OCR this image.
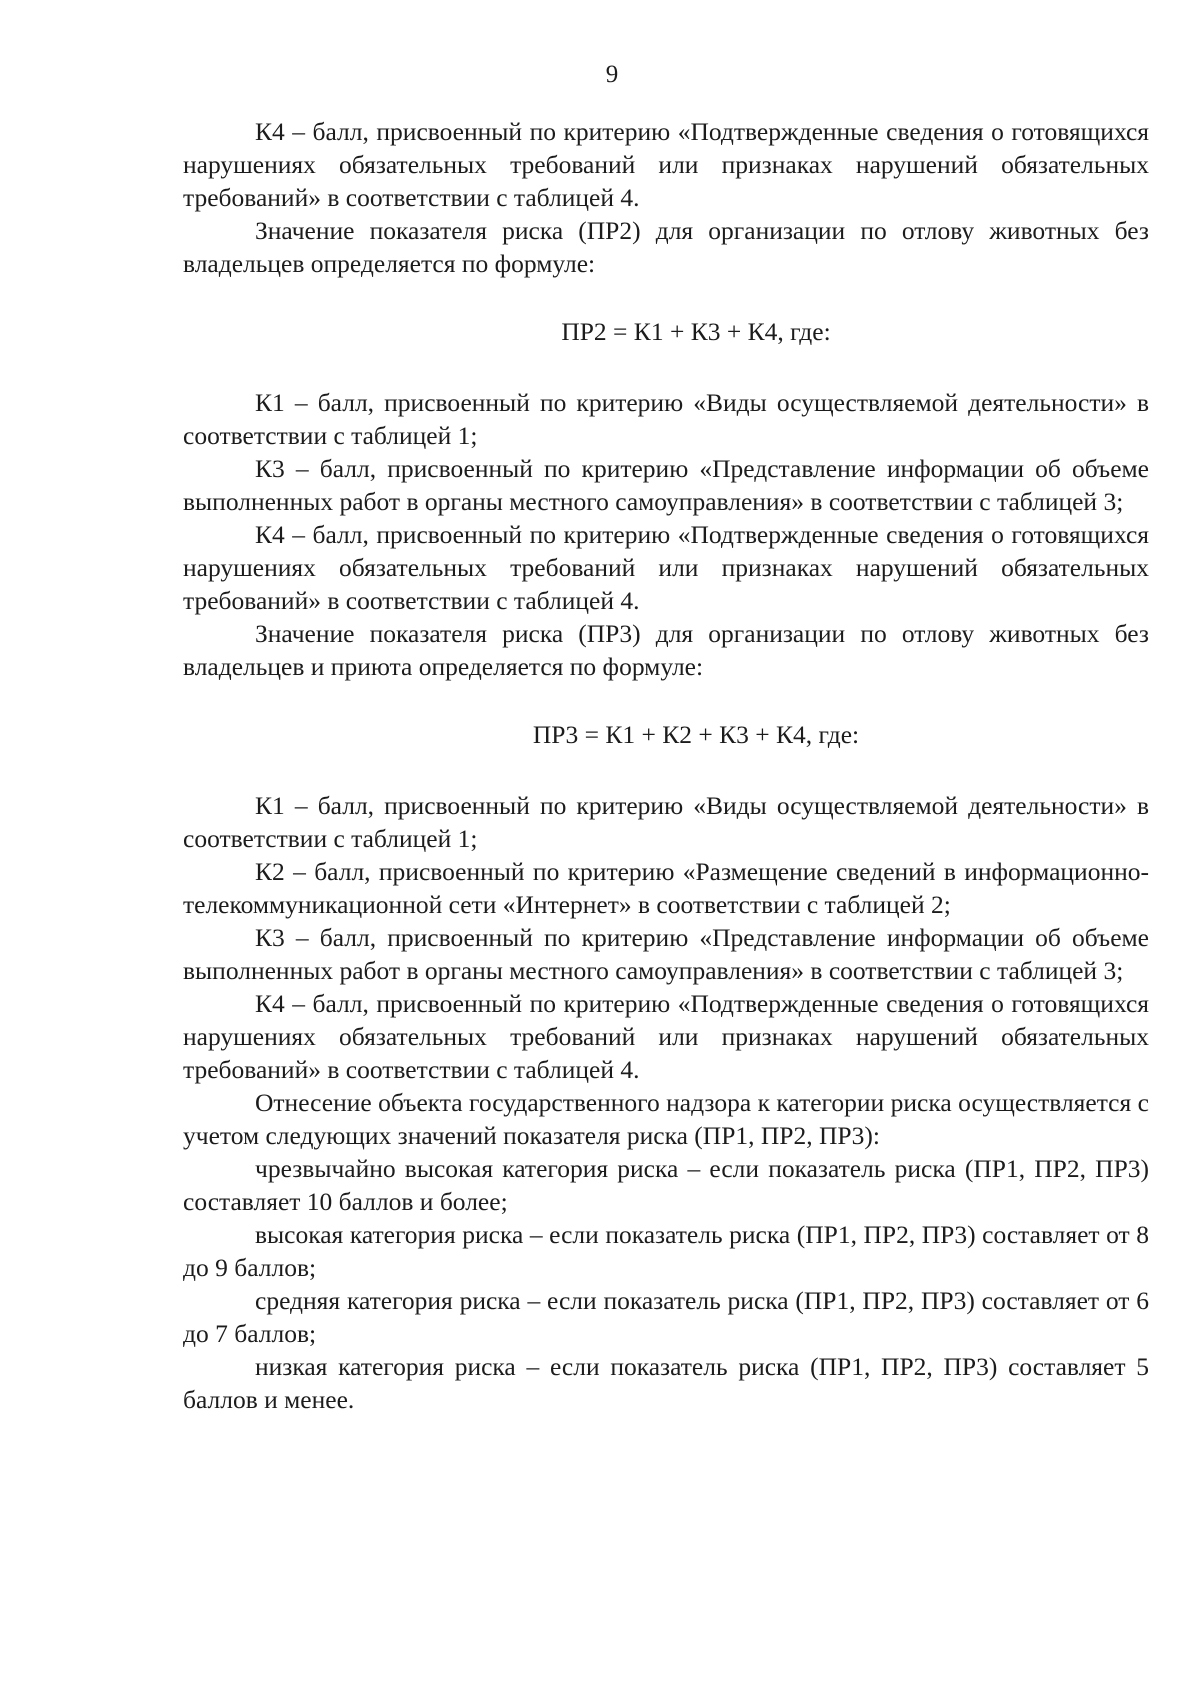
9

К4 – балл, присвоенный по критерию «Подтвержденные сведения о готовящихся нарушениях обязательных требований или признаках нарушений обязательных требований» в соответствии с таблицей 4.

Значение показателя риска (ПР2) для организации по отлову животных без владельцев определяется по формуле:

ПР2 = К1 + К3 + К4, где:

К1 – балл, присвоенный по критерию «Виды осуществляемой деятельности» в соответствии с таблицей 1;

К3 – балл, присвоенный по критерию «Представление информации об объеме выполненных работ в органы местного самоуправления» в соответствии с таблицей 3;

К4 – балл, присвоенный по критерию «Подтвержденные сведения о готовящихся нарушениях обязательных требований или признаках нарушений обязательных требований» в соответствии с таблицей 4.

Значение показателя риска (ПР3) для организации по отлову животных без владельцев и приюта определяется по формуле:

ПР3 = К1 + К2 + К3 + К4, где:

К1 – балл, присвоенный по критерию «Виды осуществляемой деятельности» в соответствии с таблицей 1;

К2 – балл, присвоенный по критерию «Размещение сведений в информационно-телекоммуникационной сети «Интернет» в соответствии с таблицей 2;

К3 – балл, присвоенный по критерию «Представление информации об объеме выполненных работ в органы местного самоуправления» в соответствии с таблицей 3;

К4 – балл, присвоенный по критерию «Подтвержденные сведения о готовящихся нарушениях обязательных требований или признаках нарушений обязательных требований» в соответствии с таблицей 4.

Отнесение объекта государственного надзора к категории риска осуществляется с учетом следующих значений показателя риска (ПР1, ПР2, ПР3):

чрезвычайно высокая категория риска – если показатель риска (ПР1, ПР2, ПР3) составляет 10 баллов и более;

высокая категория риска – если показатель риска (ПР1, ПР2, ПР3) составляет от 8 до 9 баллов;

средняя категория риска – если показатель риска (ПР1, ПР2, ПР3) составляет от 6 до 7 баллов;

низкая категория риска – если показатель риска (ПР1, ПР2, ПР3) составляет 5 баллов и менее.
